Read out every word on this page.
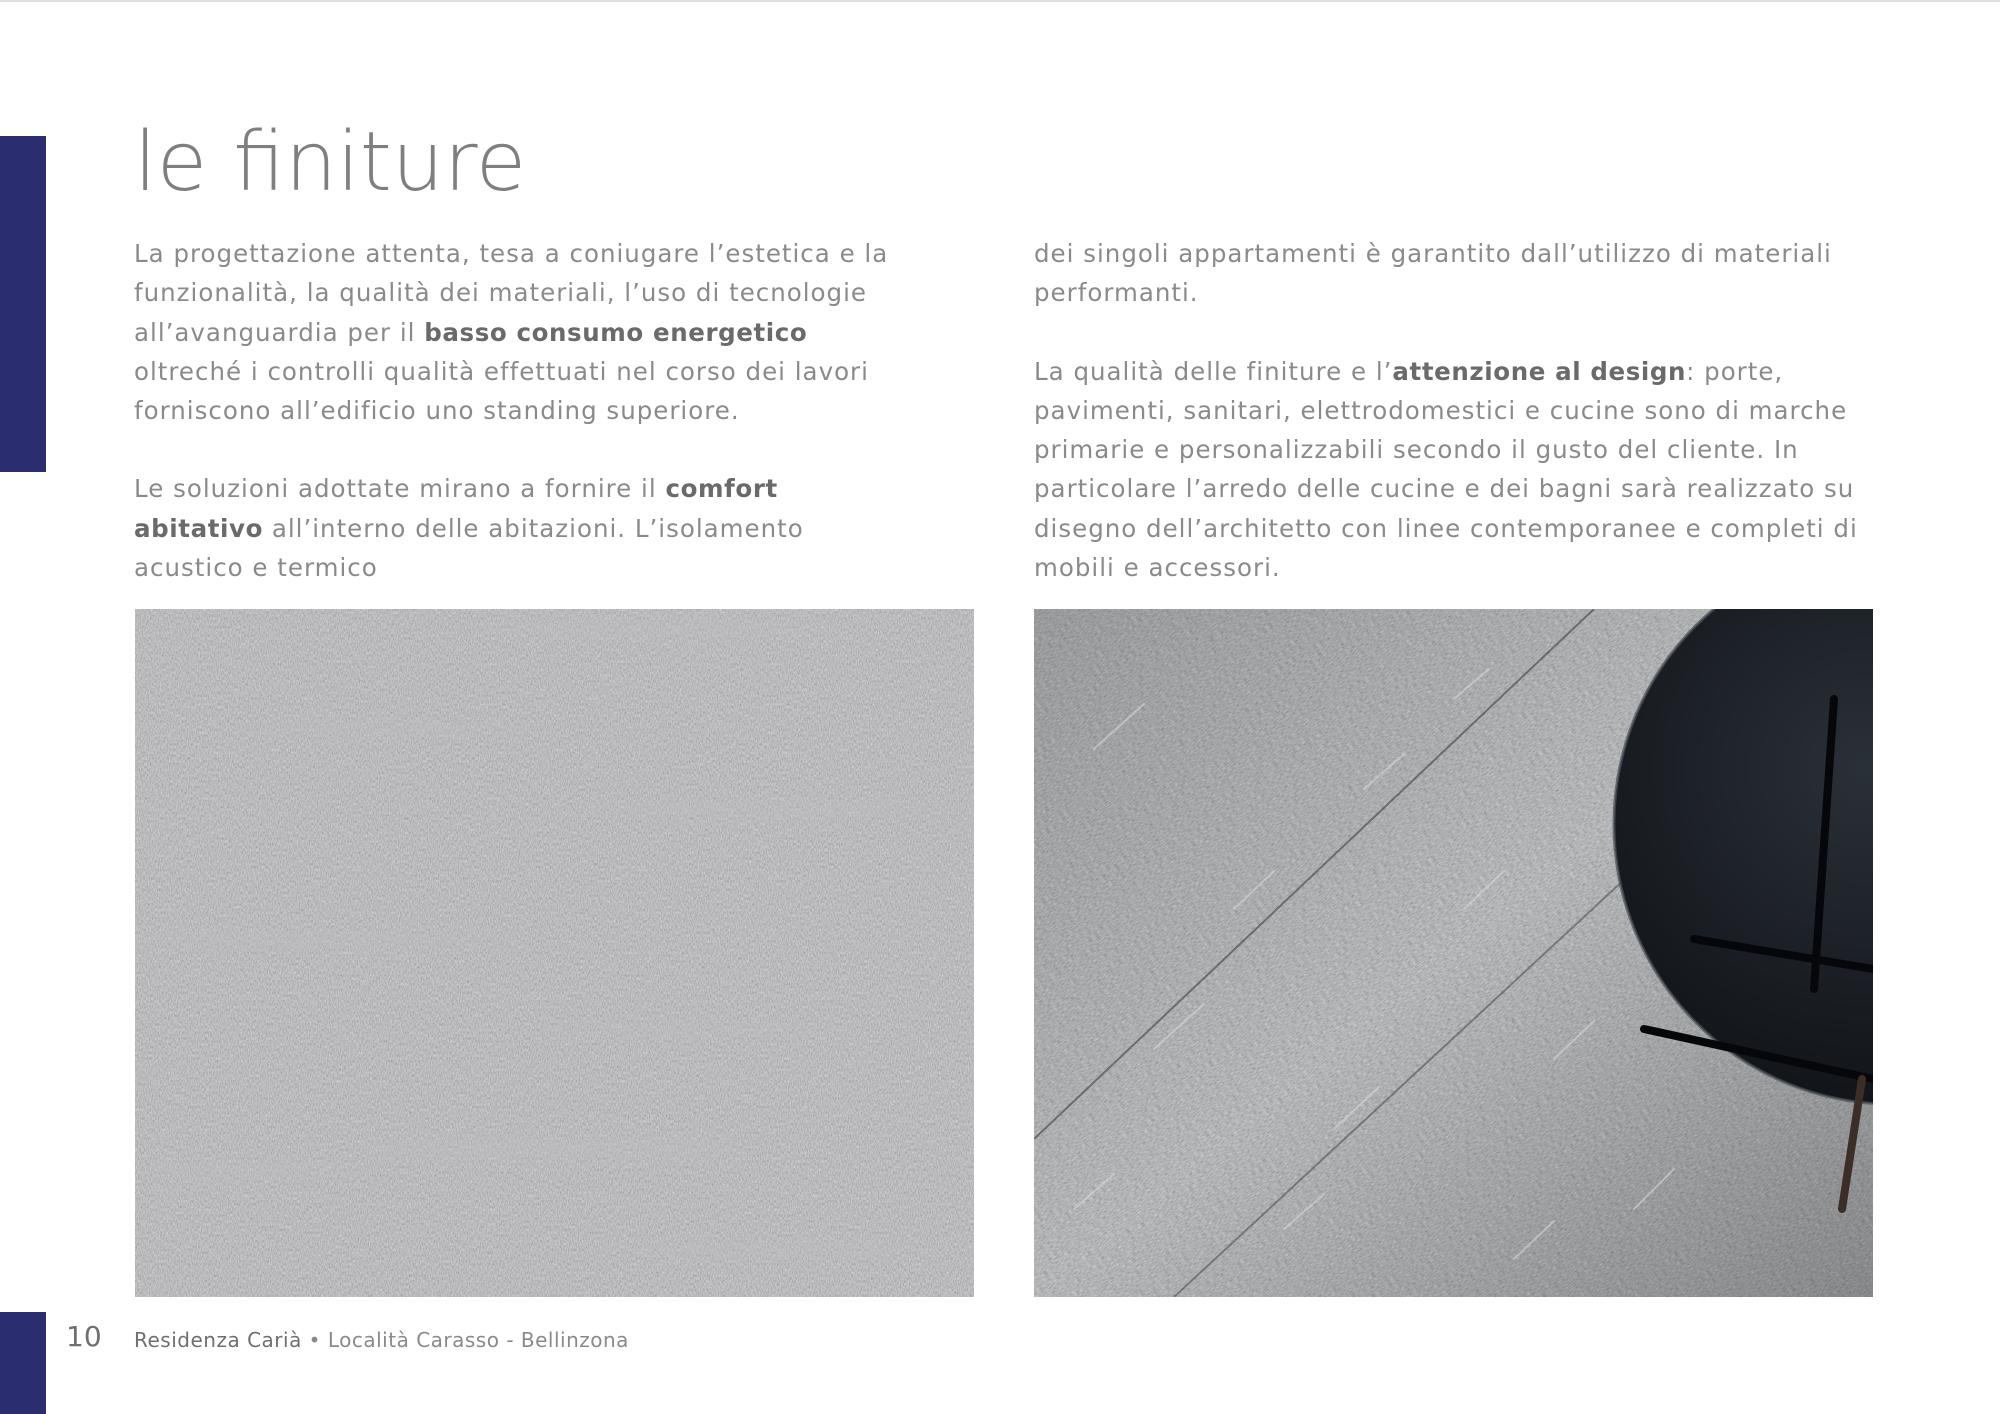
le finiture

La progettazione attenta, tesa a coniugare l’estetica e la funzionalità, la qualità dei materiali, l’uso di tecnologie all’avanguardia per il basso consumo energetico oltreché i controlli qualità effettuati nel corso dei lavori forniscono all’edificio uno standing superiore.

Le soluzioni adottate mirano a fornire il comfort abitativo all’interno delle abitazioni. L’isolamento acustico e termico

dei singoli appartamenti è garantito dall’utilizzo di materiali performanti.

La qualità delle finiture e l’attenzione al design: porte, pavimenti, sanitari, elettrodomestici e cucine sono di marche primarie e personalizzabili secondo il gusto del cliente. In particolare l’arredo delle cucine e dei bagni sarà realizzato su disegno dell’architetto con linee contemporanee e completi di mobili e accessori.

10 Residenza Carià • Località Carasso - Bellinzona
